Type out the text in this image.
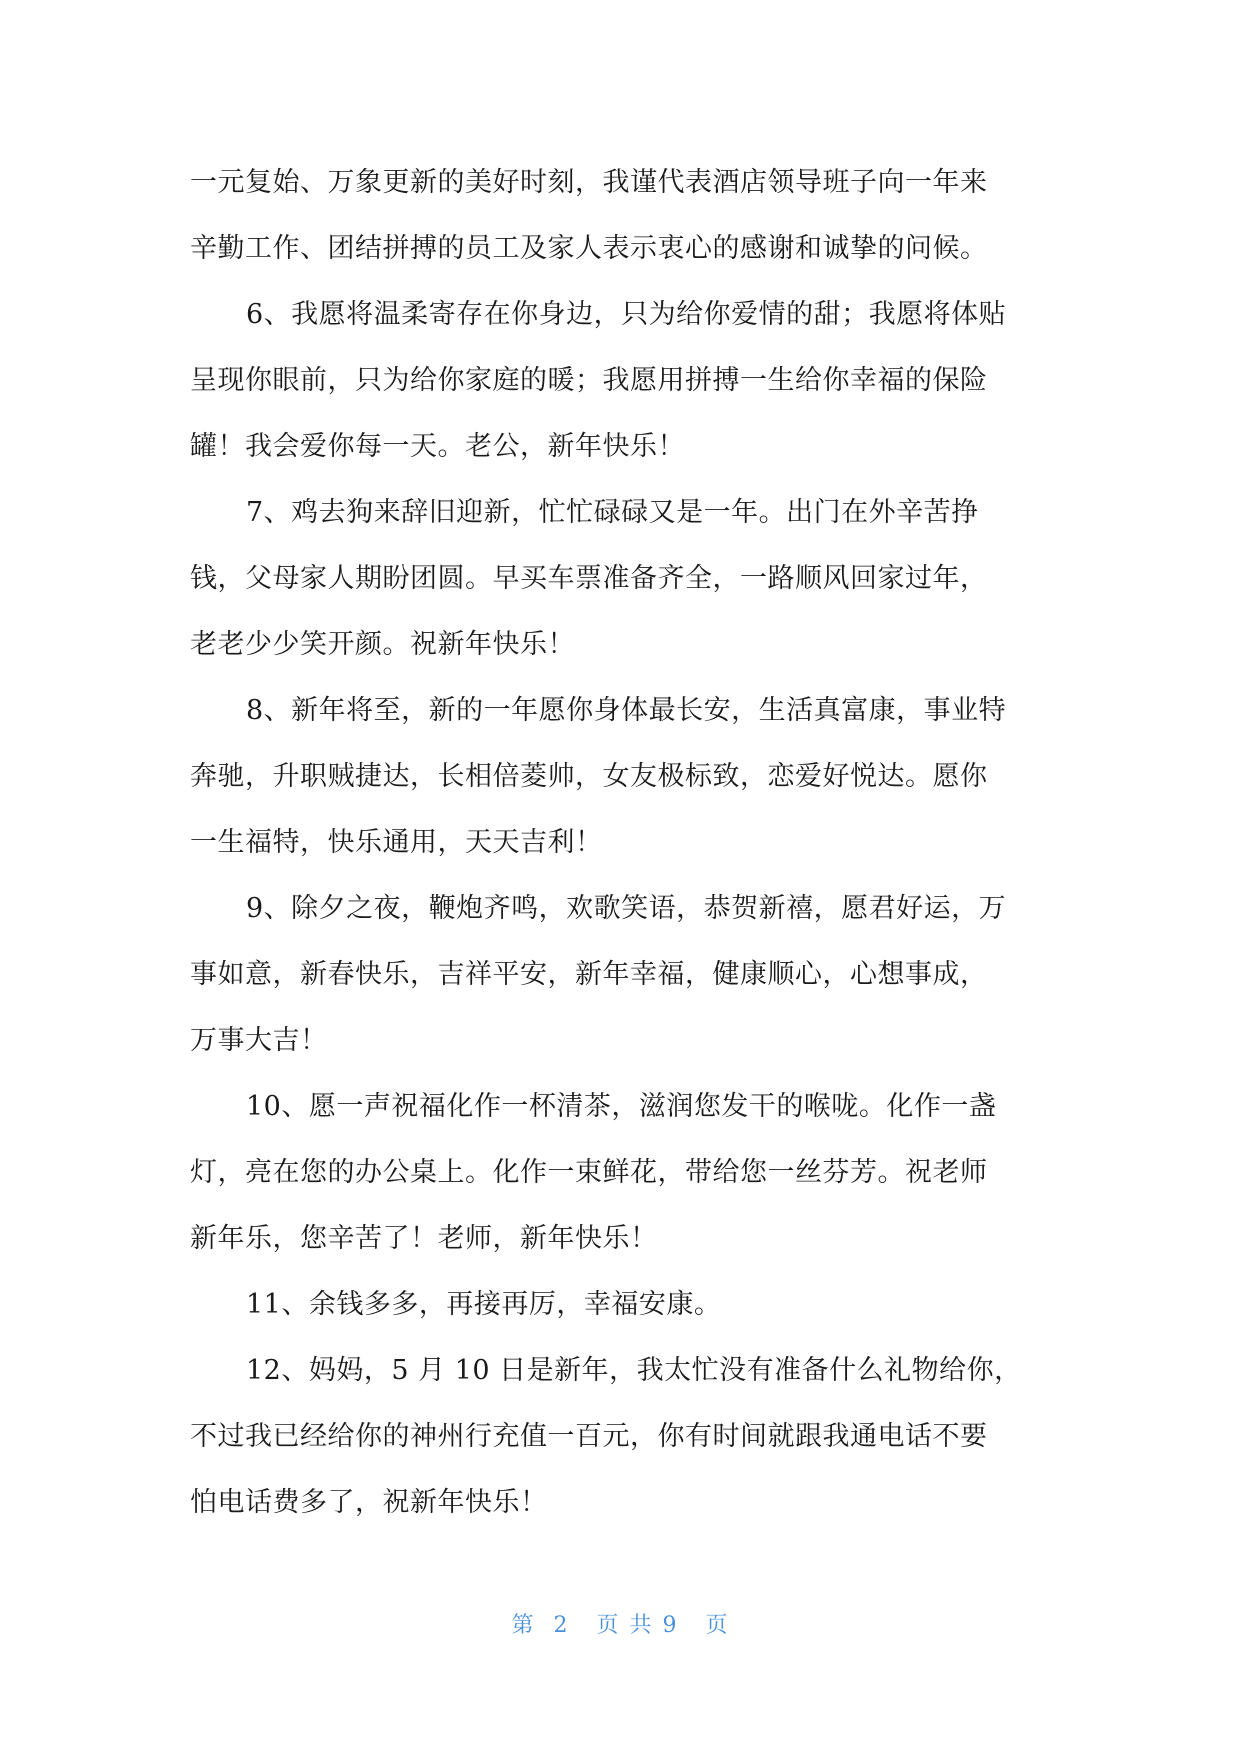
一元复始、万象更新的美好时刻，我谨代表酒店领导班子向一年来
辛勤工作、团结拼搏的员工及家人表示衷心的感谢和诚挚的问候。
6、我愿将温柔寄存在你身边，只为给你爱情的甜；我愿将体贴
呈现你眼前，只为给你家庭的暖；我愿用拼搏一生给你幸福的保险
罐！我会爱你每一天。老公，新年快乐！
7、鸡去狗来辞旧迎新，忙忙碌碌又是一年。出门在外辛苦挣
钱，父母家人期盼团圆。早买车票准备齐全，一路顺风回家过年，
老老少少笑开颜。祝新年快乐！
8、新年将至，新的一年愿你身体最长安，生活真富康，事业特
奔驰，升职贼捷达，长相倍菱帅，女友极标致，恋爱好悦达。愿你
一生福特，快乐通用，天天吉利！
9、除夕之夜，鞭炮齐鸣，欢歌笑语，恭贺新禧，愿君好运，万
事如意，新春快乐，吉祥平安，新年幸福，健康顺心，心想事成，
万事大吉！
10、愿一声祝福化作一杯清茶，滋润您发干的喉咙。化作一盏
灯，亮在您的办公桌上。化作一束鲜花，带给您一丝芬芳。祝老师
新年乐，您辛苦了！老师，新年快乐！
11、余钱多多，再接再厉，幸福安康。
12、妈妈，5 月 10 日是新年，我太忙没有准备什么礼物给你，
不过我已经给你的神州行充值一百元，你有时间就跟我通电话不要
怕电话费多了，祝新年快乐！
第  2   页 共 9   页
